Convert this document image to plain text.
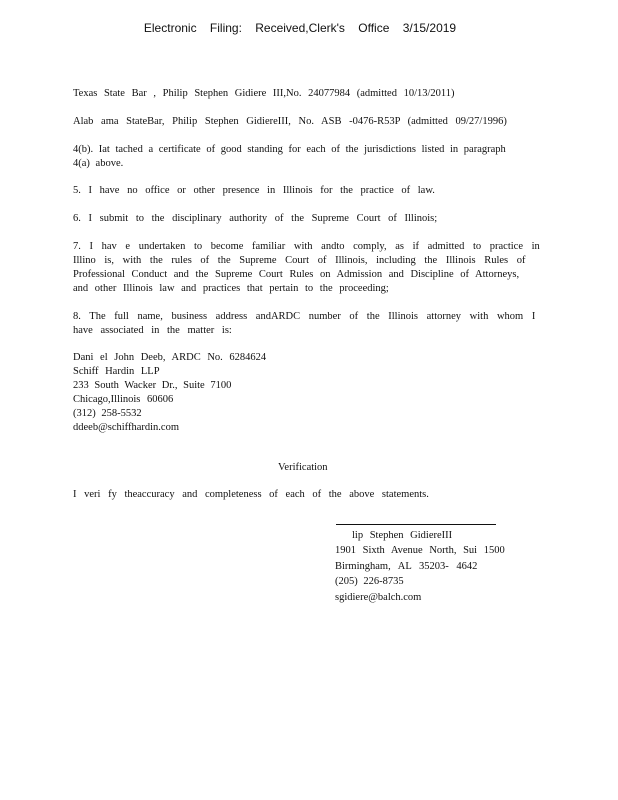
Electronic Filing: Received,Clerk's Office 3/15/2019
Texas State Bar , Philip Stephen Gidiere III,No. 24077984 (admitted 10/13/2011)
Alab ama StateBar, Philip Stephen GidiereIII, No. ASB -0476-R53P (admitted 09/27/1996)
4(b). Iat tached a certificate of good standing for each of the jurisdictions listed in paragraph
4(a) above.
5. I have no office or other presence in Illinois for the practice of law.
6. I submit to the disciplinary authority of the Supreme Court of Illinois;
7. I hav e undertaken to become familiar with andto comply, as if admitted to practice in
Illino is, with the rules of the Supreme Court of Illinois, including the Illinois Rules of
Professional Conduct and the Supreme Court Rules on Admission and Discipline of Attorneys,
and other Illinois law and practices that pertain to the proceeding;
8. The full name, business address andARDC number of the Illinois attorney with whom I
have associated in the matter is:
Dani el John Deeb, ARDC No. 6284624
Schiff Hardin LLP
233 South Wacker Dr., Suite 7100
Chicago,Illinois 60606
(312) 258-5532
ddeeb@schiffhardin.com
Verification
I veri fy theaccuracy and completeness of each of the above statements.
lip Stephen GidiereIII
1901 Sixth Avenue North, Sui 1500
Birmingham, AL 35203- 4642
(205) 226-8735
sgidiere@balch.com
